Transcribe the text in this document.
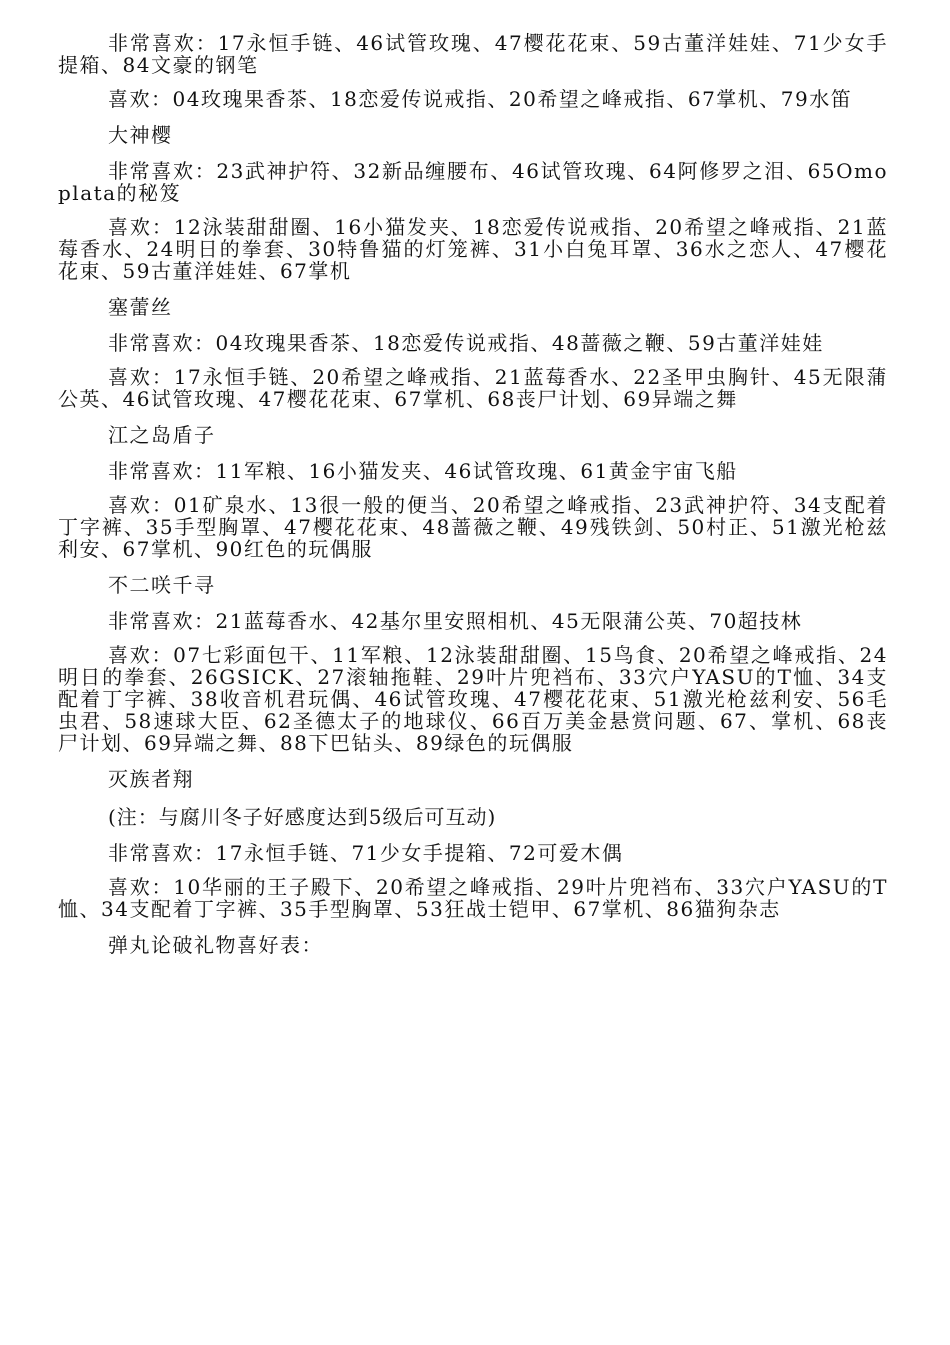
非常喜欢：17永恒手链、46试管玫瑰、47樱花花束、59古董洋娃娃、71少女手提箱、84文豪的钢笔

喜欢：04玫瑰果香茶、18恋爱传说戒指、20希望之峰戒指、67掌机、79水笛

大神樱

非常喜欢：23武神护符、32新品缠腰布、46试管玫瑰、64阿修罗之泪、65Omoplata的秘笈

喜欢：12泳装甜甜圈、16小猫发夹、18恋爱传说戒指、20希望之峰戒指、21蓝莓香水、24明日的拳套、30特鲁猫的灯笼裤、31小白兔耳罩、36水之恋人、47樱花花束、59古董洋娃娃、67掌机

塞蕾丝

非常喜欢：04玫瑰果香茶、18恋爱传说戒指、48蔷薇之鞭、59古董洋娃娃

喜欢：17永恒手链、20希望之峰戒指、21蓝莓香水、22圣甲虫胸针、45无限蒲公英、46试管玫瑰、47樱花花束、67掌机、68丧尸计划、69异端之舞

江之岛盾子

非常喜欢：11军粮、16小猫发夹、46试管玫瑰、61黄金宇宙飞船

喜欢：01矿泉水、13很一般的便当、20希望之峰戒指、23武神护符、34支配着丁字裤、35手型胸罩、47樱花花束、48蔷薇之鞭、49残铁剑、50村正、51激光枪兹利安、67掌机、90红色的玩偶服

不二咲千寻

非常喜欢：21蓝莓香水、42基尔里安照相机、45无限蒲公英、70超技林

喜欢：07七彩面包干、11军粮、12泳装甜甜圈、15鸟食、20希望之峰戒指、24明日的拳套、26GSICK、27滚轴拖鞋、29叶片兜裆布、33穴户YASU的T恤、34支配着丁字裤、38收音机君玩偶、46试管玫瑰、47樱花花束、51激光枪兹利安、56毛虫君、58速球大臣、62圣德太子的地球仪、66百万美金悬赏问题、67、掌机、68丧尸计划、69异端之舞、88下巴钻头、89绿色的玩偶服

灭族者翔

(注：与腐川冬子好感度达到5级后可互动)

非常喜欢：17永恒手链、71少女手提箱、72可爱木偶

喜欢：10华丽的王子殿下、20希望之峰戒指、29叶片兜裆布、33穴户YASU的T恤、34支配着丁字裤、35手型胸罩、53狂战士铠甲、67掌机、86猫狗杂志

弹丸论破礼物喜好表：
